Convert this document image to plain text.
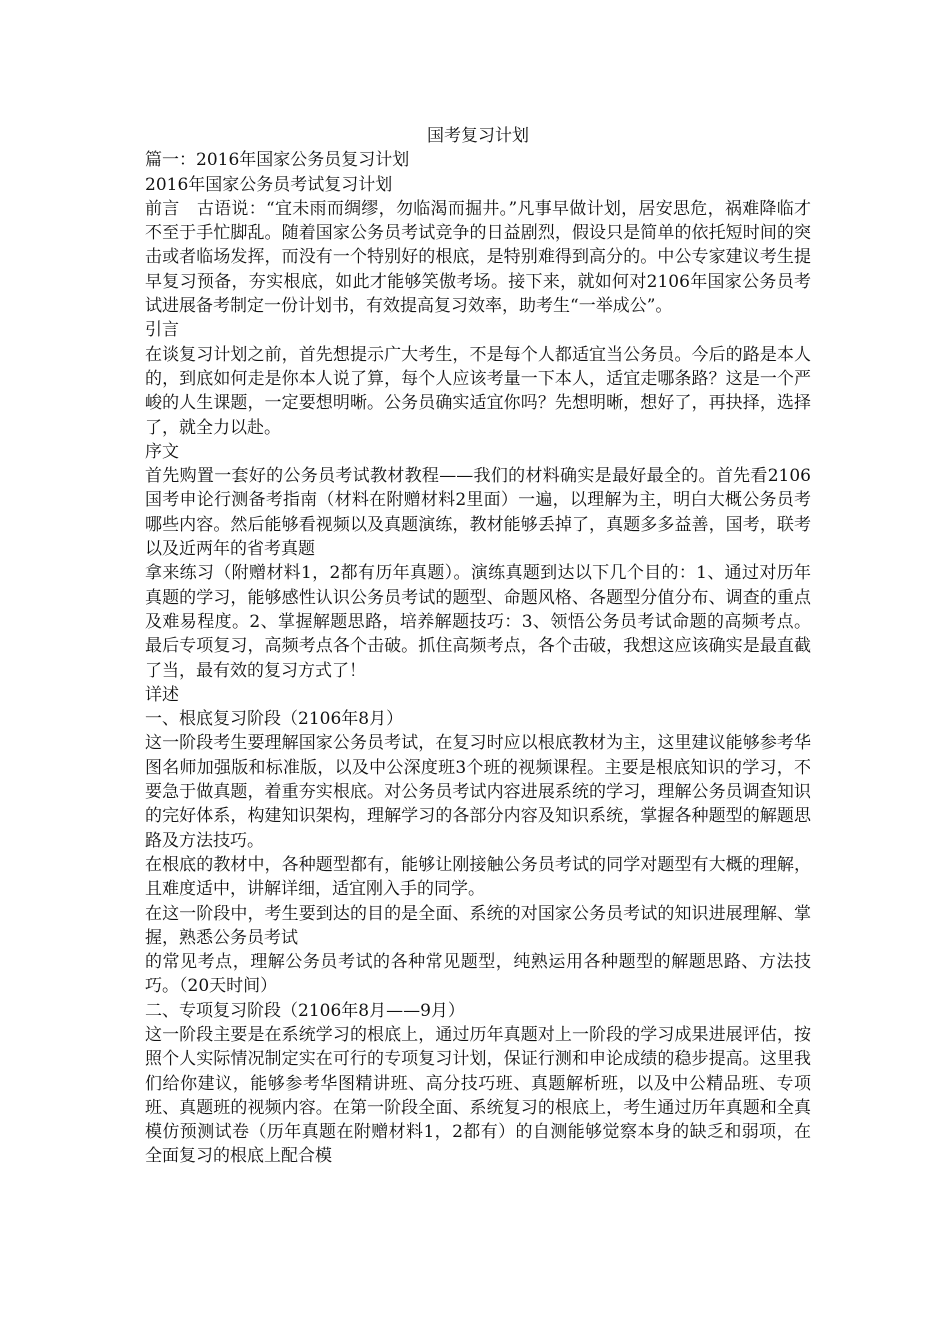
国考复习计划

篇一：2016年国家公务员复习计划

2016年国家公务员考试复习计划

前言　古语说：“宜未雨而绸缪，勿临渴而掘井。”凡事早做计划，居安思危，祸难降临才不至于手忙脚乱。随着国家公务员考试竞争的日益剧烈，假设只是简单的依托短时间的突击或者临场发挥，而没有一个特别好的根底，是特别难得到高分的。中公专家建议考生提早复习预备，夯实根底，如此才能够笑傲考场。接下来，就如何对2106年国家公务员考试进展备考制定一份计划书，有效提高复习效率，助考生“一举成公”。

引言

在谈复习计划之前，首先想提示广大考生，不是每个人都适宜当公务员。今后的路是本人的，到底如何走是你本人说了算，每个人应该考量一下本人，适宜走哪条路？这是一个严峻的人生课题，一定要想明晰。公务员确实适宜你吗？先想明晰，想好了，再抉择，选择了，就全力以赴。

序文

首先购置一套好的公务员考试教材教程——我们的材料确实是最好最全的。首先看2106国考申论行测备考指南（材料在附赠材料2里面）一遍，以理解为主，明白大概公务员考哪些内容。然后能够看视频以及真题演练，教材能够丢掉了，真题多多益善，国考，联考以及近两年的省考真题

拿来练习（附赠材料1，2都有历年真题）。演练真题到达以下几个目的：1、通过对历年真题的学习，能够感性认识公务员考试的题型、命题风格、各题型分值分布、调查的重点及难易程度。2、掌握解题思路，培养解题技巧：3、领悟公务员考试命题的高频考点。最后专项复习，高频考点各个击破。抓住高频考点，各个击破，我想这应该确实是最直截了当，最有效的复习方式了！

详述

一、根底复习阶段（2106年8月）

这一阶段考生要理解国家公务员考试，在复习时应以根底教材为主，这里建议能够参考华图名师加强版和标准版，以及中公深度班3个班的视频课程。主要是根底知识的学习，不要急于做真题，着重夯实根底。对公务员考试内容进展系统的学习，理解公务员调查知识的完好体系，构建知识架构，理解学习的各部分内容及知识系统，掌握各种题型的解题思路及方法技巧。

在根底的教材中，各种题型都有，能够让刚接触公务员考试的同学对题型有大概的理解，且难度适中，讲解详细，适宜刚入手的同学。

在这一阶段中，考生要到达的目的是全面、系统的对国家公务员考试的知识进展理解、掌握，熟悉公务员考试

的常见考点，理解公务员考试的各种常见题型，纯熟运用各种题型的解题思路、方法技巧。（20天时间）

二、专项复习阶段（2106年8月——9月）

这一阶段主要是在系统学习的根底上，通过历年真题对上一阶段的学习成果进展评估，按照个人实际情况制定实在可行的专项复习计划，保证行测和申论成绩的稳步提高。这里我们给你建议，能够参考华图精讲班、高分技巧班、真题解析班，以及中公精品班、专项班、真题班的视频内容。在第一阶段全面、系统复习的根底上，考生通过历年真题和全真模仿预测试卷（历年真题在附赠材料1，2都有）的自测能够觉察本身的缺乏和弱项，在全面复习的根底上配合模
